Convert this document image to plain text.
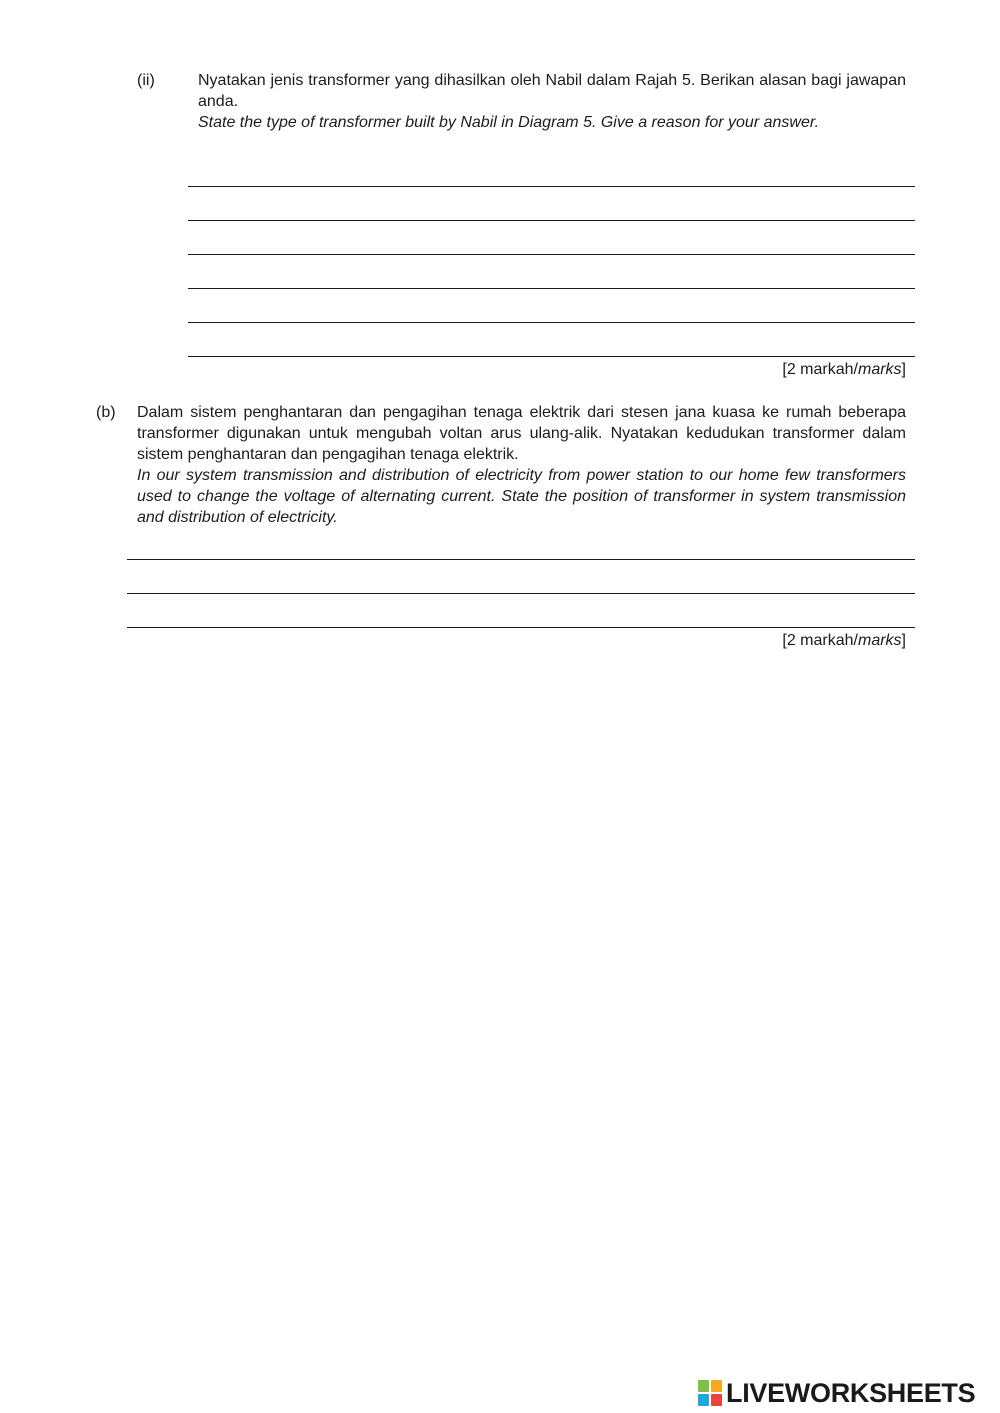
(ii)	Nyatakan jenis transformer yang dihasilkan oleh Nabil dalam Rajah 5. Berikan alasan bagi jawapan anda.

State the type of transformer built by Nabil in Diagram 5. Give a reason for your answer.

[2 markah/marks]
(b) Dalam sistem penghantaran dan pengagihan tenaga elektrik dari stesen jana kuasa ke rumah beberapa transformer digunakan untuk mengubah voltan arus ulang-alik. Nyatakan kedudukan transformer dalam sistem penghantaran dan pengagihan tenaga elektrik.

In our system transmission and distribution of electricity from power station to our home few transformers used to change the voltage of alternating current. State the position of transformer in system transmission and distribution of electricity.

[2 markah/marks]
LIVEWORKSHEETS
